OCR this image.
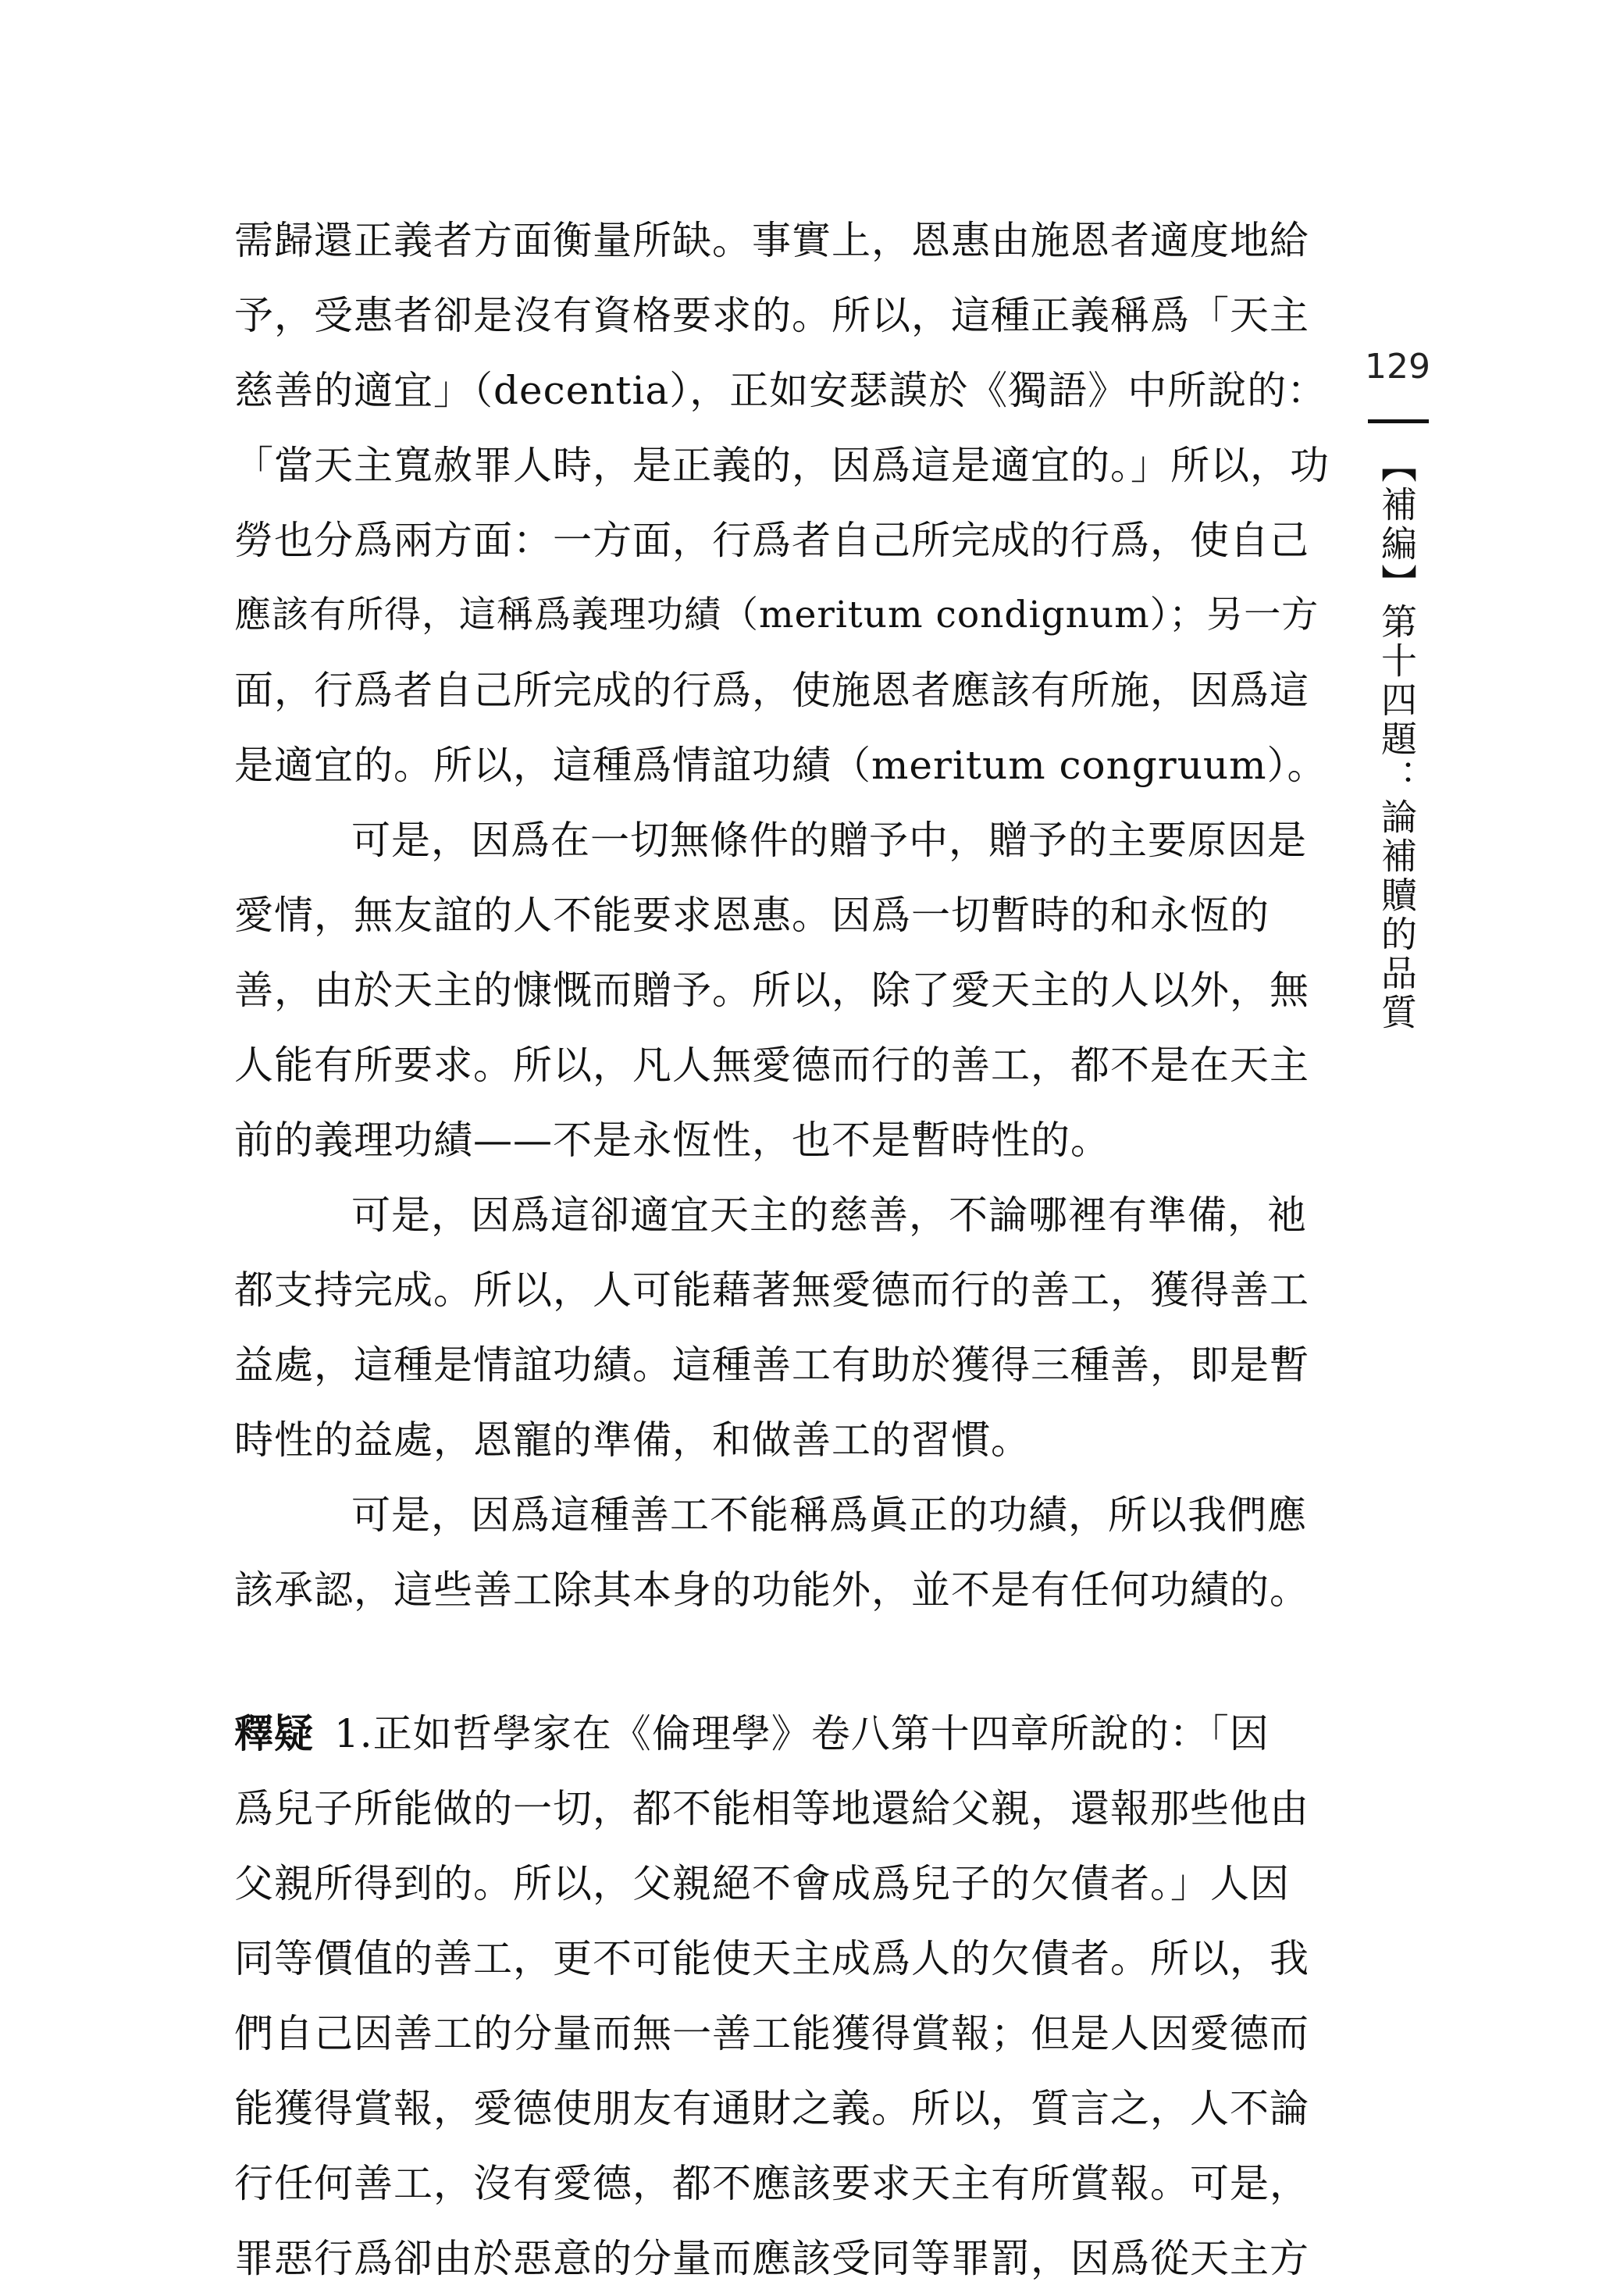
129
【補編】第十四題：論補贖的品質
需歸還正義者方面衡量所缺。事實上，恩惠由施恩者適度地給
予，受惠者卻是沒有資格要求的。所以，這種正義稱爲「天主
慈善的適宜」（decentia），正如安瑟謨於《獨語》中所說的：
「當天主寬赦罪人時，是正義的，因爲這是適宜的。」所以，功
勞也分爲兩方面：一方面，行爲者自己所完成的行爲，使自己
應該有所得，這稱爲義理功績（meritum condignum）；另一方
面，行爲者自己所完成的行爲，使施恩者應該有所施，因爲這
是適宜的。所以，這種爲情誼功績（meritum congruum）。
可是，因爲在一切無條件的贈予中，贈予的主要原因是
愛情，無友誼的人不能要求恩惠。因爲一切暫時的和永恆的
善，由於天主的慷慨而贈予。所以，除了愛天主的人以外，無
人能有所要求。所以，凡人無愛德而行的善工，都不是在天主
前的義理功績——不是永恆性，也不是暫時性的。
可是，因爲這卻適宜天主的慈善，不論哪裡有準備，祂
都支持完成。所以，人可能藉著無愛德而行的善工，獲得善工
益處，這種是情誼功績。這種善工有助於獲得三種善，即是暫
時性的益處，恩寵的準備，和做善工的習慣。
可是，因爲這種善工不能稱爲眞正的功績，所以我們應
該承認，這些善工除其本身的功能外，並不是有任何功績的。
釋疑 1.正如哲學家在《倫理學》卷八第十四章所說的：「因
爲兒子所能做的一切，都不能相等地還給父親，還報那些他由
父親所得到的。所以，父親絕不會成爲兒子的欠債者。」人因
同等價值的善工，更不可能使天主成爲人的欠債者。所以，我
們自己因善工的分量而無一善工能獲得賞報；但是人因愛德而
能獲得賞報，愛德使朋友有通財之義。所以，質言之，人不論
行任何善工，沒有愛德，都不應該要求天主有所賞報。可是，
罪惡行爲卻由於惡意的分量而應該受同等罪罰，因爲從天主方
